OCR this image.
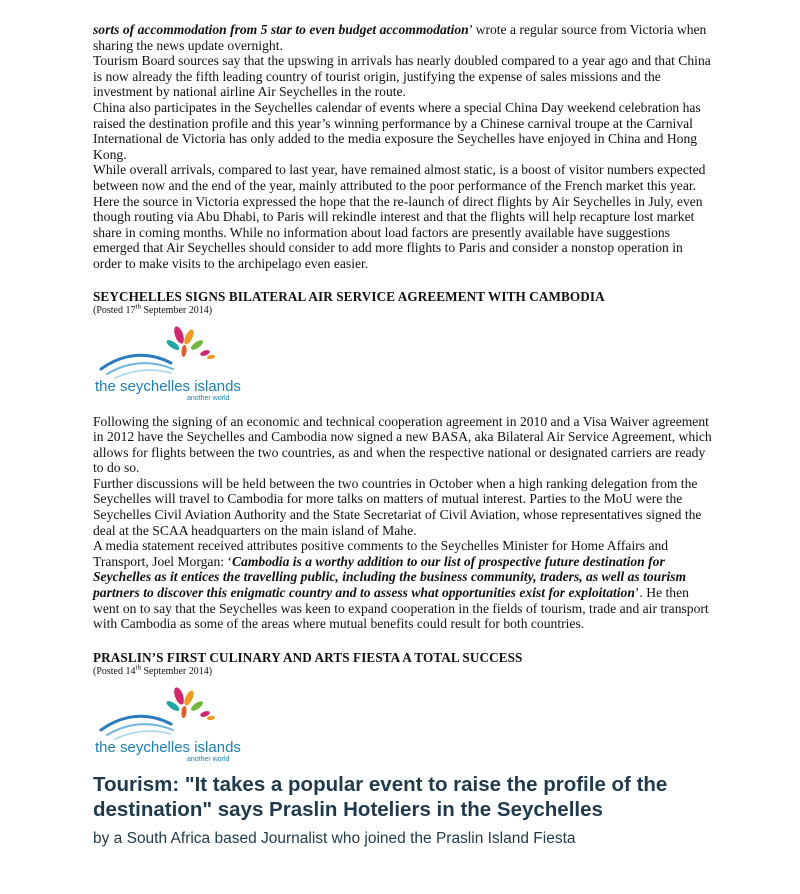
sorts of accommodation from 5 star to even budget accommodation’ wrote a regular source from Victoria when sharing the news update overnight.

Tourism Board sources say that the upswing in arrivals has nearly doubled compared to a year ago and that China is now already the fifth leading country of tourist origin, justifying the expense of sales missions and the investment by national airline Air Seychelles in the route.

China also participates in the Seychelles calendar of events where a special China Day weekend celebration has raised the destination profile and this year’s winning performance by a Chinese carnival troupe at the Carnival International de Victoria has only added to the media exposure the Seychelles have enjoyed in China and Hong Kong.

While overall arrivals, compared to last year, have remained almost static, is a boost of visitor numbers expected between now and the end of the year, mainly attributed to the poor performance of the French market this year. Here the source in Victoria expressed the hope that the re-launch of direct flights by Air Seychelles in July, even though routing via Abu Dhabi, to Paris will rekindle interest and that the flights will help recapture lost market share in coming months. While no information about load factors are presently available have suggestions emerged that Air Seychelles should consider to add more flights to Paris and consider a nonstop operation in order to make visits to the archipelago even easier.

SEYCHELLES SIGNS BILATERAL AIR SERVICE AGREEMENT WITH CAMBODIA
(Posted 17th September 2014)
the seychelles islands
another world

Following the signing of an economic and technical cooperation agreement in 2010 and a Visa Waiver agreement in 2012 have the Seychelles and Cambodia now signed a new BASA, aka Bilateral Air Service Agreement, which allows for flights between the two countries, as and when the respective national or designated carriers are ready to do so.

Further discussions will be held between the two countries in October when a high ranking delegation from the Seychelles will travel to Cambodia for more talks on matters of mutual interest. Parties to the MoU were the Seychelles Civil Aviation Authority and the State Secretariat of Civil Aviation, whose representatives signed the deal at the SCAA headquarters on the main island of Mahe.

A media statement received attributes positive comments to the Seychelles Minister for Home Affairs and Transport, Joel Morgan: ‘Cambodia is a worthy addition to our list of prospective future destination for Seychelles as it entices the travelling public, including the business community, traders, as well as tourism partners to discover this enigmatic country and to assess what opportunities exist for exploitation’. He then went on to say that the Seychelles was keen to expand cooperation in the fields of tourism, trade and air transport with Cambodia as some of the areas where mutual benefits could result for both countries.

PRASLIN’S FIRST CULINARY AND ARTS FIESTA A TOTAL SUCCESS
(Posted 14th September 2014)
the seychelles islands
another world
Tourism: "It takes a popular event to raise the profile of the destination" says Praslin Hoteliers in the Seychelles
by a South Africa based Journalist who joined the Praslin Island Fiesta
